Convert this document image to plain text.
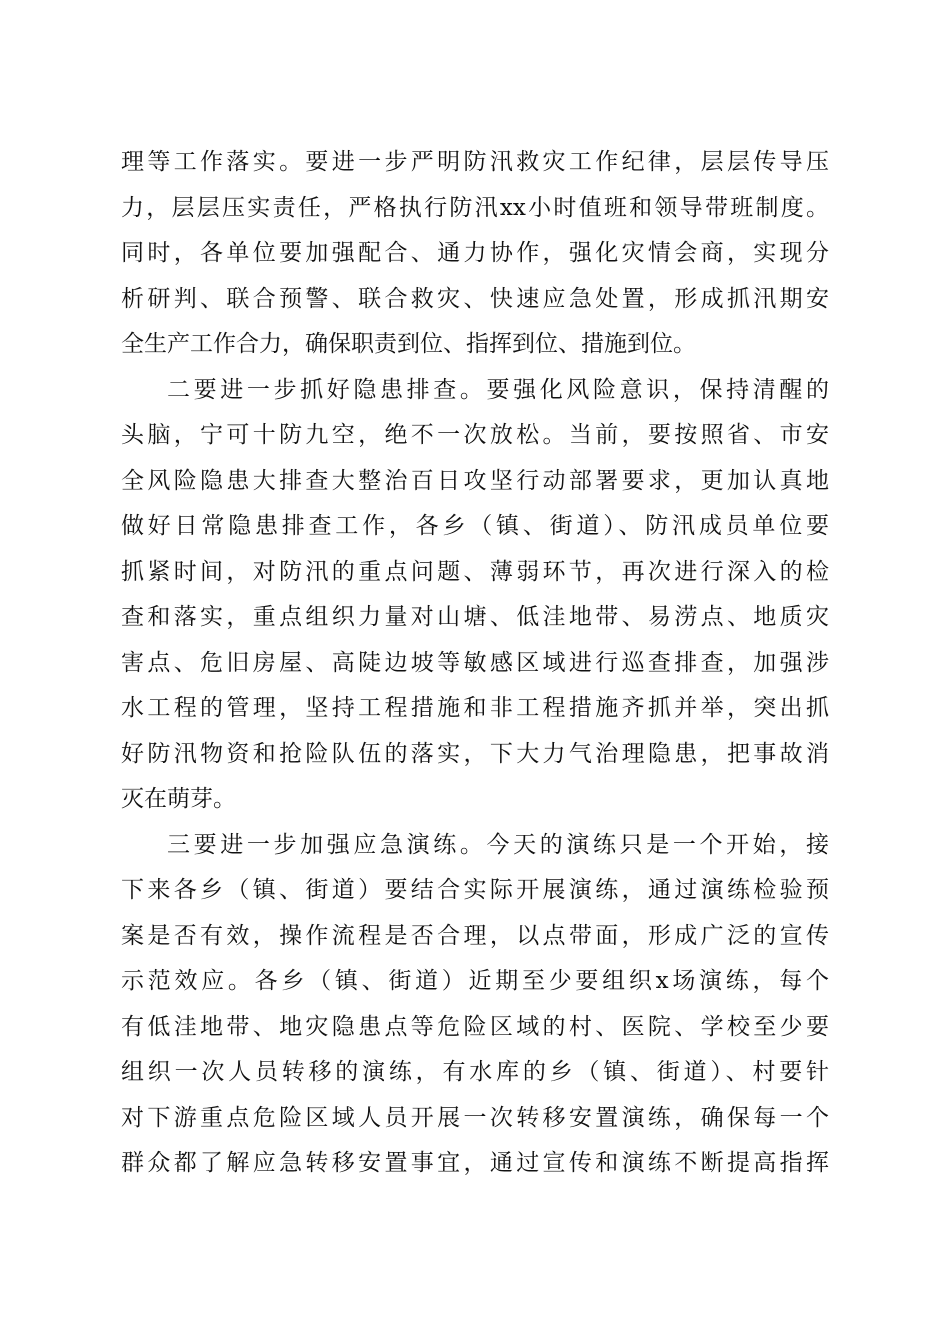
理等工作落实。要进一步严明防汛救灾工作纪律，层层传导压
力，层层压实责任，严格执行防汛xx小时值班和领导带班制度。
同时，各单位要加强配合、通力协作，强化灾情会商，实现分
析研判、联合预警、联合救灾、快速应急处置，形成抓汛期安
全生产工作合力，确保职责到位、指挥到位、措施到位。
二要进一步抓好隐患排查。要强化风险意识，保持清醒的
头脑，宁可十防九空，绝不一次放松。当前，要按照省、市安
全风险隐患大排查大整治百日攻坚行动部署要求，更加认真地
做好日常隐患排查工作，各乡（镇、街道）、防汛成员单位要
抓紧时间，对防汛的重点问题、薄弱环节，再次进行深入的检
查和落实，重点组织力量对山塘、低洼地带、易涝点、地质灾
害点、危旧房屋、高陡边坡等敏感区域进行巡查排查，加强涉
水工程的管理，坚持工程措施和非工程措施齐抓并举，突出抓
好防汛物资和抢险队伍的落实，下大力气治理隐患，把事故消
灭在萌芽。
三要进一步加强应急演练。今天的演练只是一个开始，接
下来各乡（镇、街道）要结合实际开展演练，通过演练检验预
案是否有效，操作流程是否合理，以点带面，形成广泛的宣传
示范效应。各乡（镇、街道）近期至少要组织x场演练，每个
有低洼地带、地灾隐患点等危险区域的村、医院、学校至少要
组织一次人员转移的演练，有水库的乡（镇、街道）、村要针
对下游重点危险区域人员开展一次转移安置演练，确保每一个
群众都了解应急转移安置事宜，通过宣传和演练不断提高指挥
